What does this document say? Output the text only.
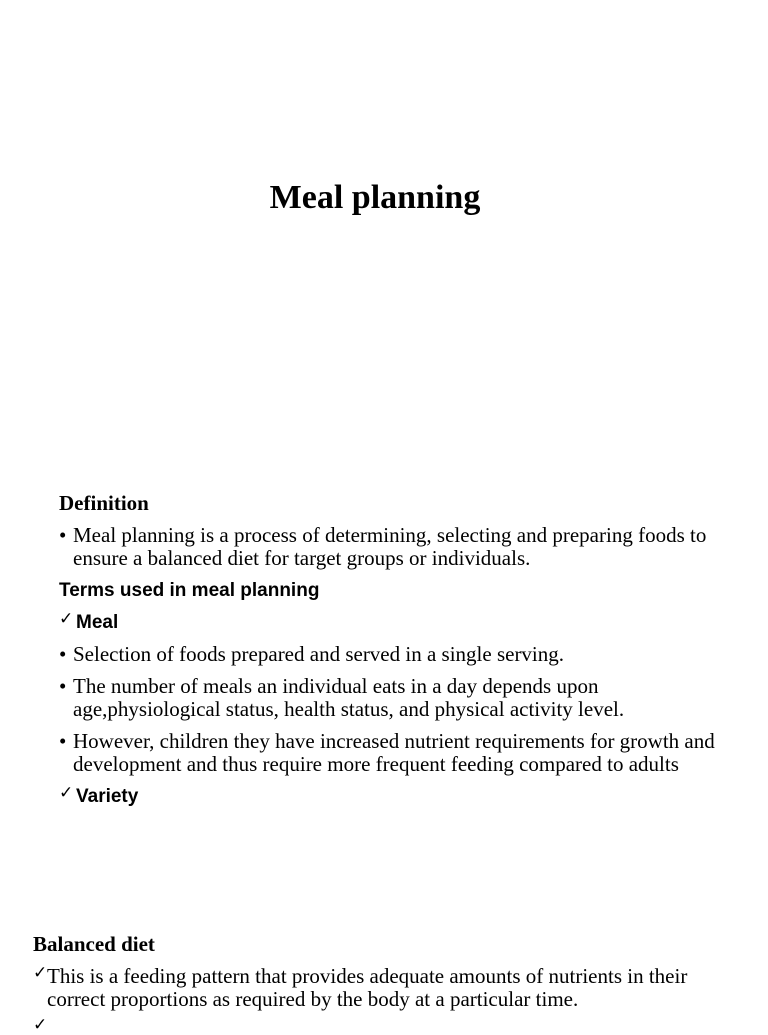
Meal planning
Definition
• Meal planning is a process of determining, selecting and preparing foods to ensure a balanced diet for target groups or individuals.
Terms used in meal planning
✓ Meal
• Selection of foods prepared and served in a single serving.
• The number of meals an individual eats in a day depends upon age,physiological status, health status, and physical activity level.
• However, children they have increased nutrient requirements for growth and development and thus require more frequent feeding compared to adults
✓ Variety
Balanced diet
✓ This is a feeding pattern that provides adequate amounts of nutrients in their correct proportions as required by the body at a particular time.
✓
